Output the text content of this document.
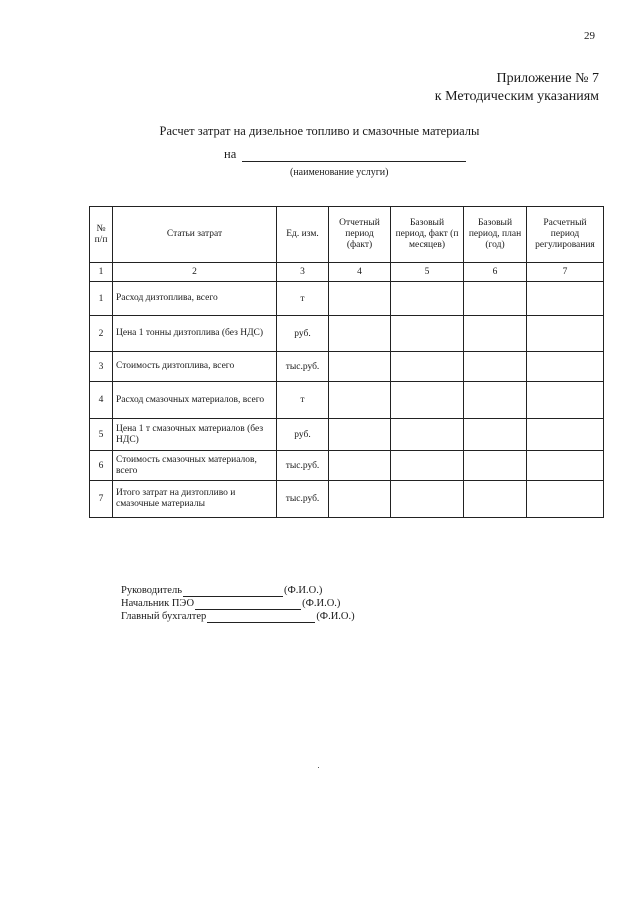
29
Приложение № 7
к Методическим указаниям
Расчет затрат на дизельное топливо и смазочные материалы
на
(наименование услуги)
№ п/п	Статьи затрат	Ед. изм.	Отчетный период (факт)	Базовый период, факт (п месяцев)	Базовый период, план (год)	Расчетный период регулирования
1	2	3	4	5	6	7
1	Расход дизтоплива, всего	т				
2	Цена 1 тонны дизтоплива (без НДС)	руб.				
3	Стоимость дизтоплива, всего	тыс.руб.				
4	Расход смазочных материалов, всего	т				
5	Цена 1 т смазочных материалов (без НДС)	руб.				
6	Стоимость смазочных материалов, всего	тыс.руб.				
7	Итого затрат на дизтопливо и смазочные материалы	тыс.руб.				
Руководитель	(Ф.И.О.)
Начальник ПЭО	(Ф.И.О.)
Главный бухгалтер	(Ф.И.О.)
